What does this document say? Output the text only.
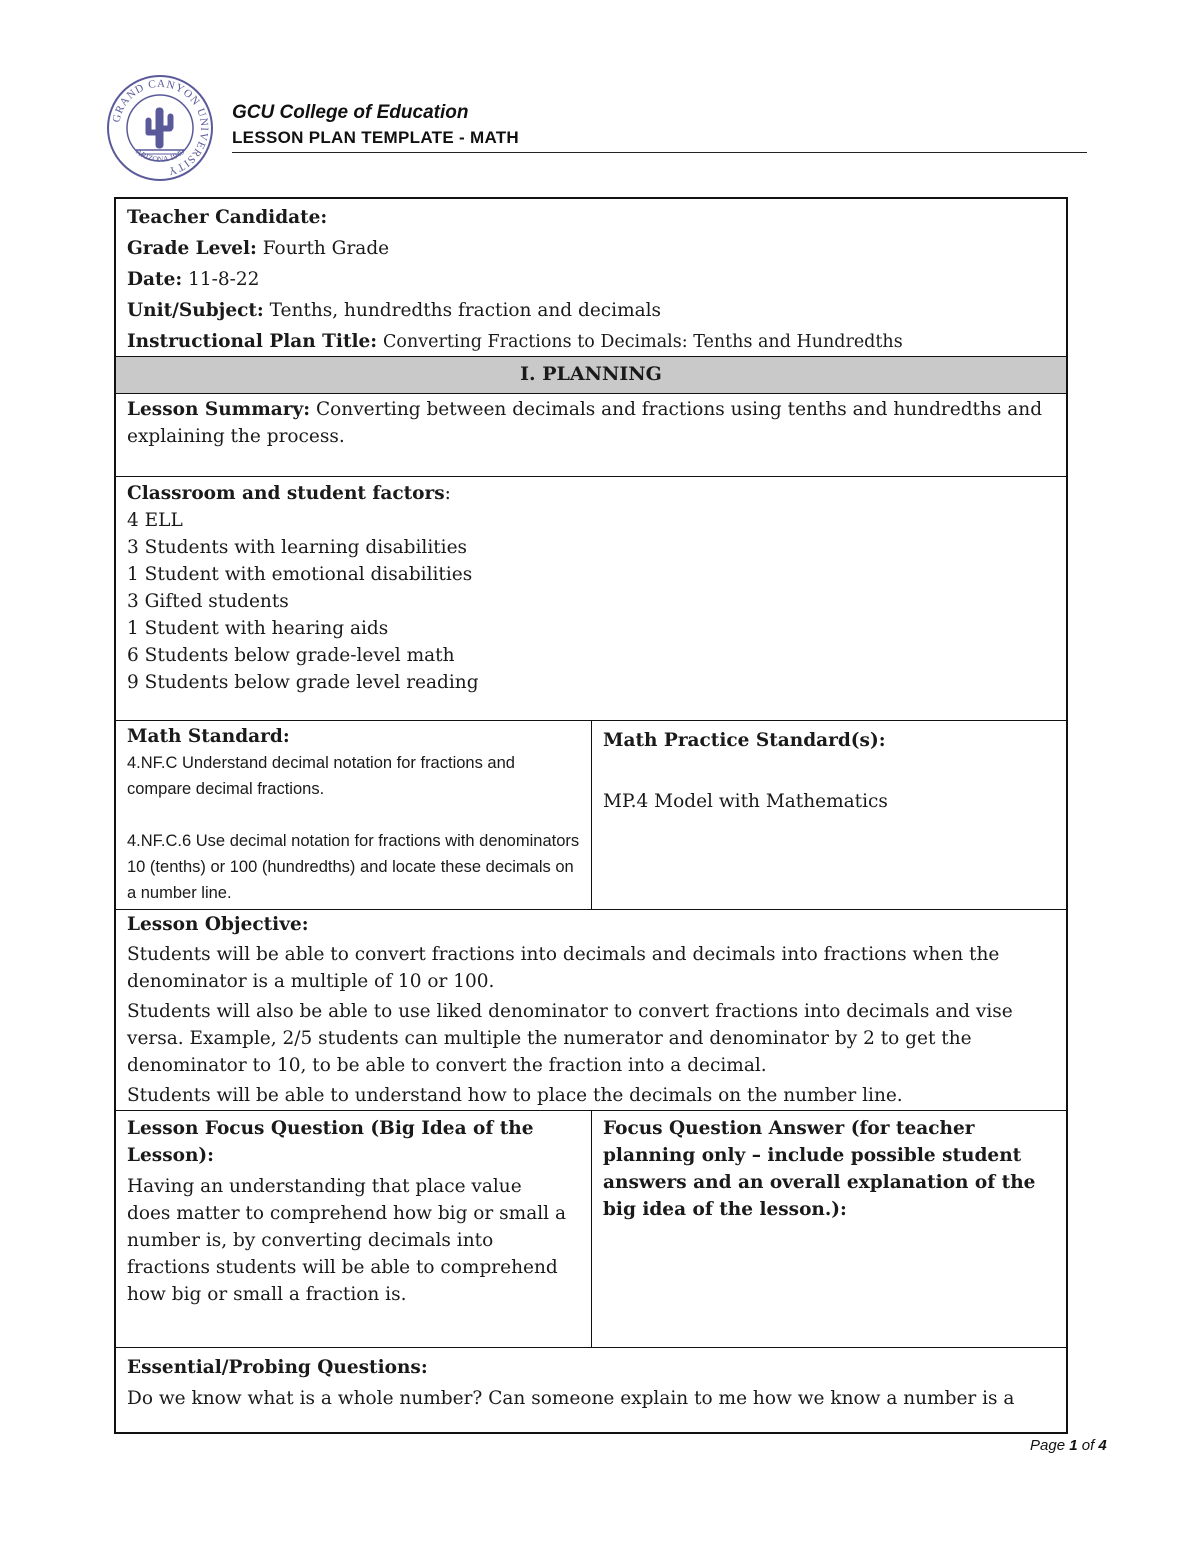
GRAND CANYON UNIVERSITY
ARIZONA 1949
GCU College of Education
LESSON PLAN TEMPLATE - MATH
Teacher Candidate:
Grade Level: Fourth Grade
Date: 11-8-22
Unit/Subject: Tenths, hundredths fraction and decimals
Instructional Plan Title: Converting Fractions to Decimals: Tenths and Hundredths
I. PLANNING
Lesson Summary: Converting between decimals and fractions using tenths and hundredths and explaining the process.
Classroom and student factors:
4 ELL
3 Students with learning disabilities
1 Student with emotional disabilities
3 Gifted students
1 Student with hearing aids
6 Students below grade-level math
9 Students below grade level reading
Math Standard:
4.NF.C Understand decimal notation for fractions and compare decimal fractions.
4.NF.C.6 Use decimal notation for fractions with denominators 10 (tenths) or 100 (hundredths) and locate these decimals on a number line.
Math Practice Standard(s):
MP.4 Model with Mathematics
Lesson Objective:
Students will be able to convert fractions into decimals and decimals into fractions when the denominator is a multiple of 10 or 100.
Students will also be able to use liked denominator to convert fractions into decimals and vise versa. Example, 2/5 students can multiple the numerator and denominator by 2 to get the denominator to 10, to be able to convert the fraction into a decimal.
Students will be able to understand how to place the decimals on the number line.
Lesson Focus Question (Big Idea of the Lesson):
Having an understanding that place value does matter to comprehend how big or small a number is, by converting decimals into fractions students will be able to comprehend how big or small a fraction is.
Focus Question Answer (for teacher planning only – include possible student answers and an overall explanation of the big idea of the lesson.):
Essential/Probing Questions:
Do we know what is a whole number? Can someone explain to me how we know a number is a
Page 1 of 4
